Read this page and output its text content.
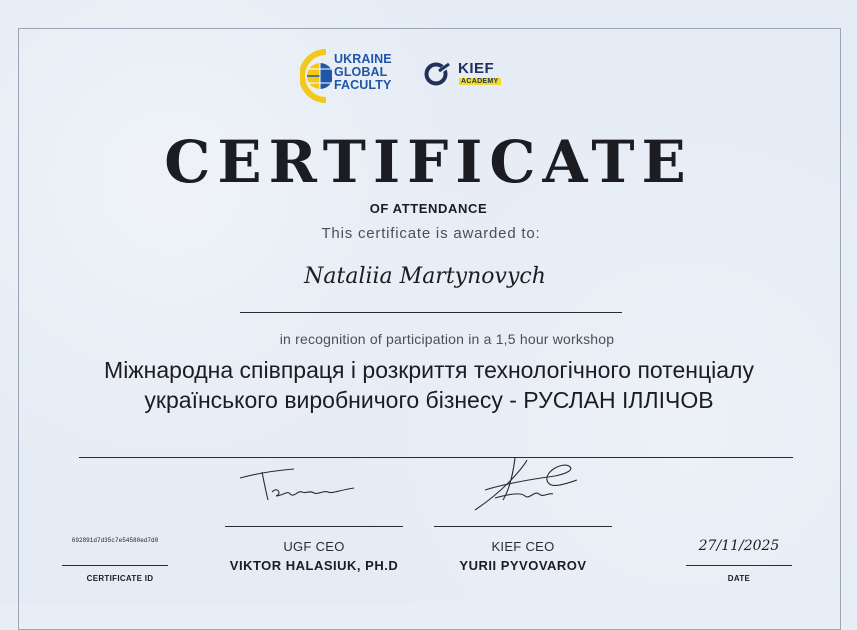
UKRAINE
GLOBAL
FACULTY
KIEF
ACADEMY
CERTIFICATE
OF ATTENDANCE
This certificate is awarded to:
Nataliia Martynovych
in recognition of participation in a 1,5 hour workshop
Міжнародна співпраця і розкриття технологічного потенціалу українського виробничого бізнесу - РУСЛАН ІЛЛІЧОВ
UGF CEO	KIEF CEO
VIKTOR HALASIUK, PH.D	YURII PYVOVAROV
692891d7d35c7e54580ed7d0
CERTIFICATE ID
27/11/2025
DATE
